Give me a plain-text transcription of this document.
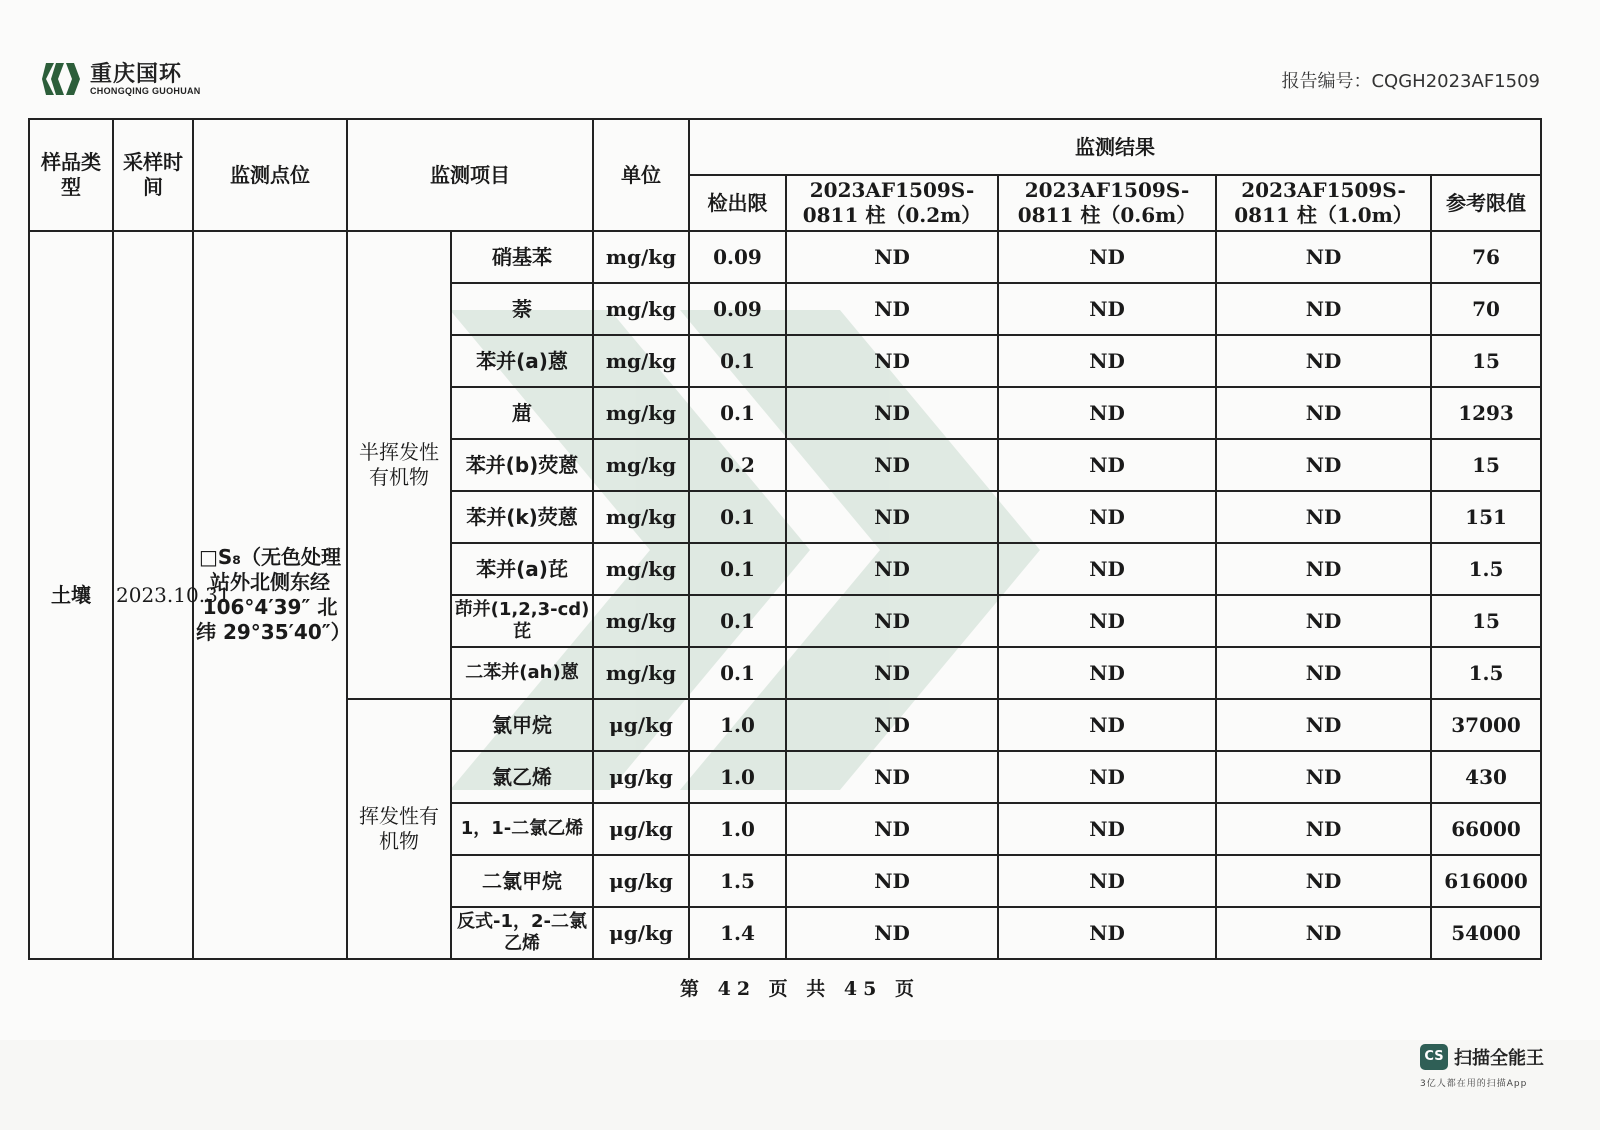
重庆国环
CHONGQING GUOHUAN	报告编号：CQGH2023AF1509
样品类型	采样时间	监测点位	监测项目		单位	监测结果				
						检出限	2023AF1509S-0811 柱（0.2m）	2023AF1509S-0811 柱（0.6m）	2023AF1509S-0811 柱（1.0m）	参考限值
土壤	2023.10.31	□S₈（无色处理站外北侧东经106°4′39″ 北纬 29°35′40″）	半挥发性有机物	硝基苯	mg/kg	0.09	ND	ND	ND	76
				萘	mg/kg	0.09	ND	ND	ND	70
				苯并(a)蒽	mg/kg	0.1	ND	ND	ND	15
				䓛	mg/kg	0.1	ND	ND	ND	1293
				苯并(b)荧蒽	mg/kg	0.2	ND	ND	ND	15
				苯并(k)荧蒽	mg/kg	0.1	ND	ND	ND	151
				苯并(a)芘	mg/kg	0.1	ND	ND	ND	1.5
				茚并(1,2,3-cd)芘	mg/kg	0.1	ND	ND	ND	15
				二苯并(ah)蒽	mg/kg	0.1	ND	ND	ND	1.5
			挥发性有机物	氯甲烷	μg/kg	1.0	ND	ND	ND	37000
				氯乙烯	μg/kg	1.0	ND	ND	ND	430
				1，1-二氯乙烯	μg/kg	1.0	ND	ND	ND	66000
				二氯甲烷	μg/kg	1.5	ND	ND	ND	616000
				反式-1，2-二氯乙烯	μg/kg	1.4	ND	ND	ND	54000
第 42 页 共 45 页
CS 扫描全能王
3亿人都在用的扫描App
